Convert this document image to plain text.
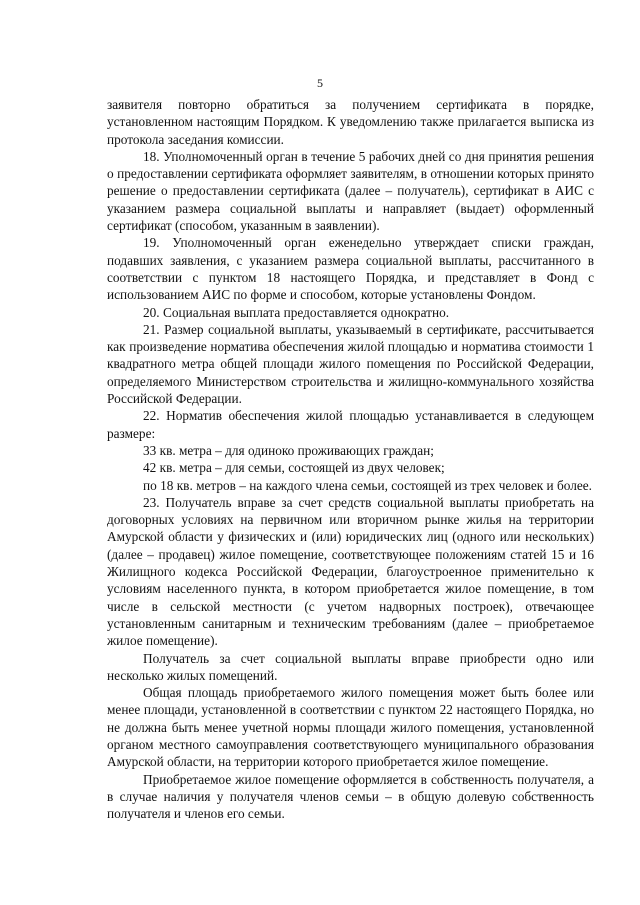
5

заявителя повторно обратиться за получением сертификата в порядке, установленном настоящим Порядком. К уведомлению также прилагается выписка из протокола заседания комиссии.

18. Уполномоченный орган в течение 5 рабочих дней со дня принятия решения о предоставлении сертификата оформляет заявителям, в отношении которых принято решение о предоставлении сертификата (далее – получатель), сертификат в АИС с указанием размера социальной выплаты и направляет (выдает) оформленный сертификат (способом, указанным в заявлении).

19. Уполномоченный орган еженедельно утверждает списки граждан, подавших заявления, с указанием размера социальной выплаты, рассчитанного в соответствии с пунктом 18 настоящего Порядка, и представляет в Фонд с использованием АИС по форме и способом, которые установлены Фондом.

20. Социальная выплата предоставляется однократно.

21. Размер социальной выплаты, указываемый в сертификате, рассчитывается как произведение норматива обеспечения жилой площадью и норматива стоимости 1 квадратного метра общей площади жилого помещения по Российской Федерации, определяемого Министерством строительства и жилищно-коммунального хозяйства Российской Федерации.

22. Норматив обеспечения жилой площадью устанавливается в следующем размере:

33 кв. метра – для одиноко проживающих граждан;

42 кв. метра – для семьи, состоящей из двух человек;

по 18 кв. метров – на каждого члена семьи, состоящей из трех человек и более.

23. Получатель вправе за счет средств социальной выплаты приобретать на договорных условиях на первичном или вторичном рынке жилья на территории Амурской области у физических и (или) юридических лиц (одного или нескольких) (далее – продавец) жилое помещение, соответствующее положениям статей 15 и 16 Жилищного кодекса Российской Федерации, благоустроенное применительно к условиям населенного пункта, в котором приобретается жилое помещение, в том числе в сельской местности (с учетом надворных построек), отвечающее установленным санитарным и техническим требованиям (далее – приобретаемое жилое помещение).

Получатель за счет социальной выплаты вправе приобрести одно или несколько жилых помещений.

Общая площадь приобретаемого жилого помещения может быть более или менее площади, установленной в соответствии с пунктом 22 настоящего Порядка, но не должна быть менее учетной нормы площади жилого помещения, установленной органом местного самоуправления соответствующего муниципального образования Амурской области, на территории которого приобретается жилое помещение.

Приобретаемое жилое помещение оформляется в собственность получателя, а в случае наличия у получателя членов семьи – в общую долевую собственность получателя и членов его семьи.
